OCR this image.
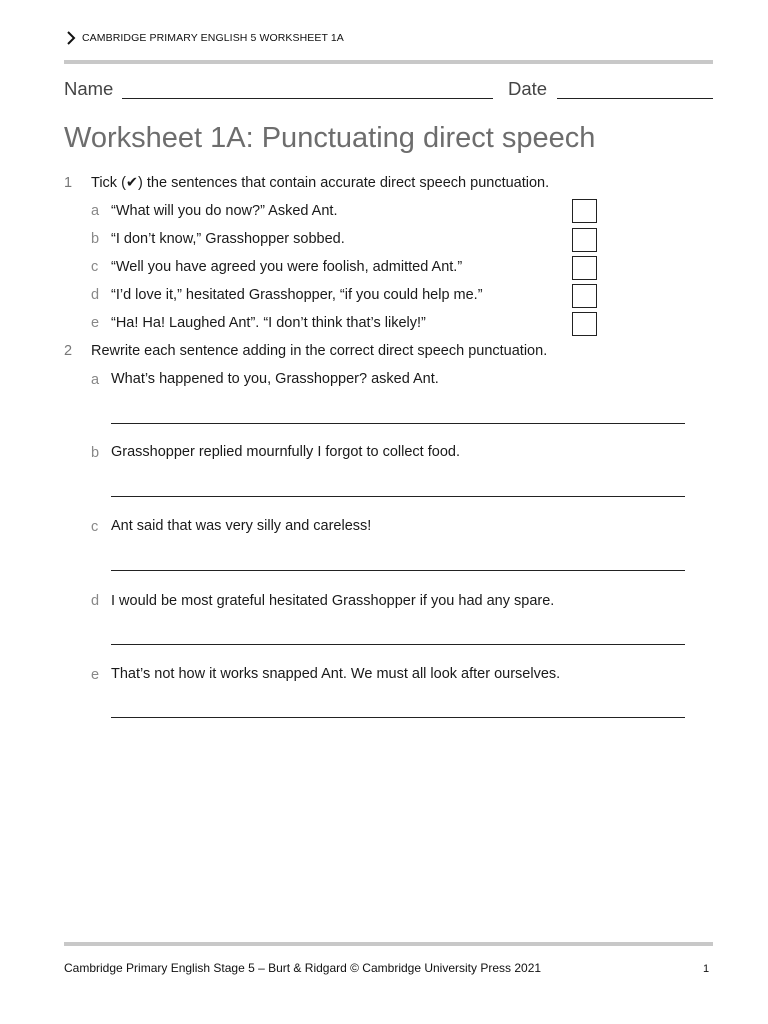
CAMBRIDGE PRIMARY ENGLISH 5 WORKSHEET 1A
Name	Date
Worksheet 1A: Punctuating direct speech
1 Tick (✔) the sentences that contain accurate direct speech punctuation.
a “What will you do now?” Asked Ant.
b “I don’t know,” Grasshopper sobbed.
c “Well you have agreed you were foolish, admitted Ant.”
d “I’d love it,” hesitated Grasshopper, “if you could help me.”
e “Ha! Ha! Laughed Ant”. “I don’t think that’s likely!”
2 Rewrite each sentence adding in the correct direct speech punctuation.
a What’s happened to you, Grasshopper? asked Ant.
b Grasshopper replied mournfully I forgot to collect food.
c Ant said that was very silly and careless!
d I would be most grateful hesitated Grasshopper if you had any spare.
e That’s not how it works snapped Ant. We must all look after ourselves.
Cambridge Primary English Stage 5 – Burt & Ridgard © Cambridge University Press 2021	1
